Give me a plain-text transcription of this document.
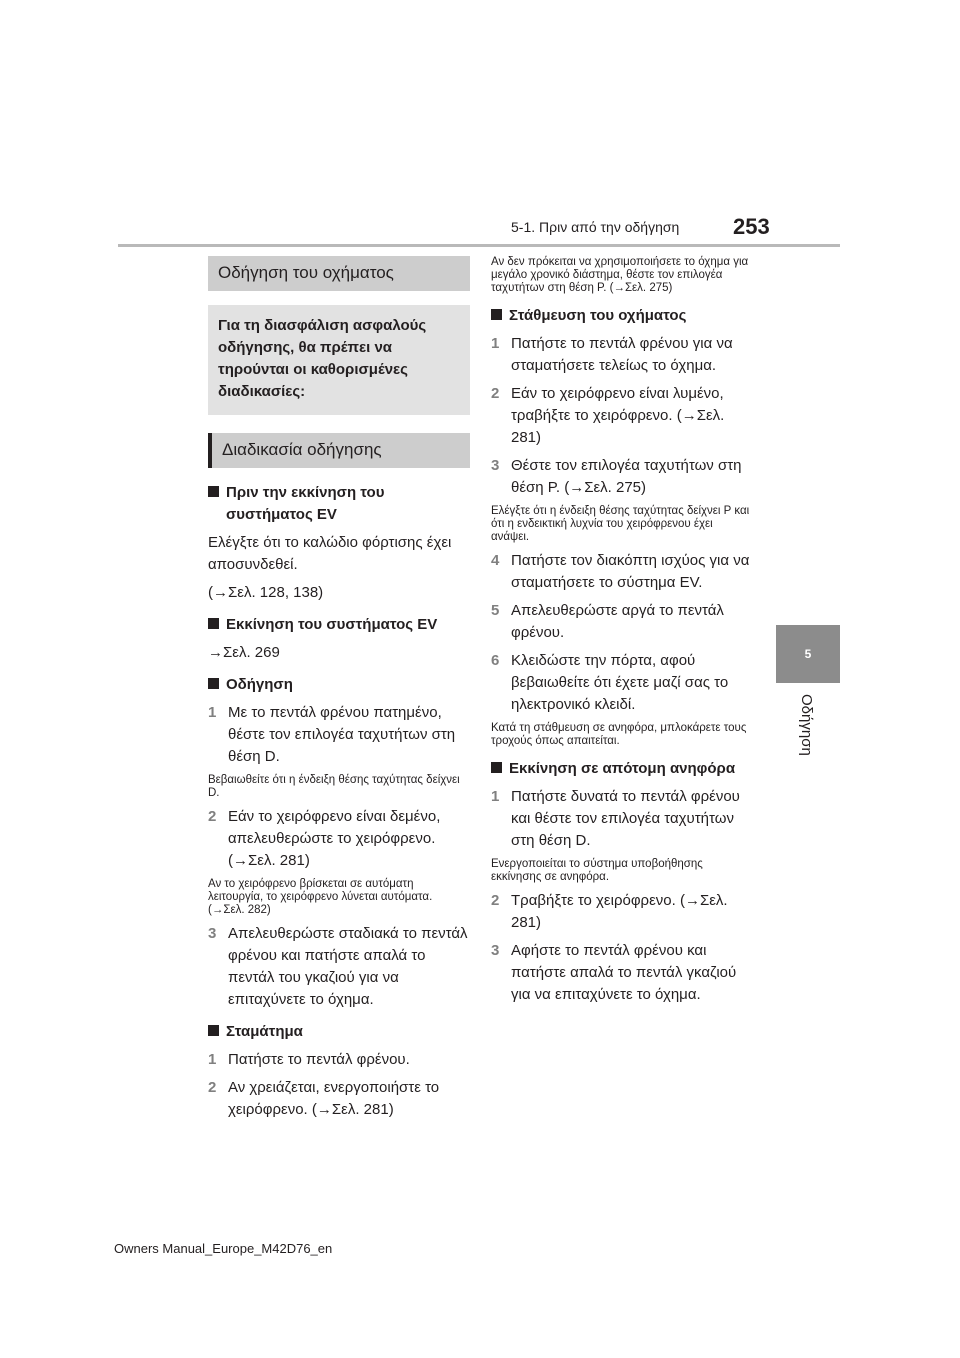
5-1. Πριν από την οδήγηση 253
5
Οδήγηση
Οδήγηση του οχήματος
Για τη διασφάλιση ασφαλούς οδήγησης, θα πρέπει να τηρούνται οι καθορισμένες διαδικασίες:
Διαδικασία οδήγησης
Πριν την εκκίνηση του συστήματος EV
Ελέγξτε ότι το καλώδιο φόρτισης έχει αποσυνδεθεί.
(→Σελ. 128, 138)
Εκκίνηση του συστήματος EV
→Σελ. 269
Οδήγηση
1 Με το πεντάλ φρένου πατημένο, θέστε τον επιλογέα ταχυτήτων στη θέση D.
Βεβαιωθείτε ότι η ένδειξη θέσης ταχύτητας δείχνει D.
2 Εάν το χειρόφρενο είναι δεμένο, απελευθερώστε το χειρόφρενο. (→Σελ. 281)
Αν το χειρόφρενο βρίσκεται σε αυτόματη λειτουργία, το χειρόφρενο λύνεται αυτόματα. (→Σελ. 282)
3 Απελευθερώστε σταδιακά το πεντάλ φρένου και πατήστε απαλά το πεντάλ του γκαζιού για να επιταχύνετε το όχημα.
Σταμάτημα
1 Πατήστε το πεντάλ φρένου.
2 Αν χρειάζεται, ενεργοποιήστε το χειρόφρενο. (→Σελ. 281)
Αν δεν πρόκειται να χρησιμοποιήσετε το όχημα για μεγάλο χρονικό διάστημα, θέστε τον επιλογέα ταχυτήτων στη θέση P. (→Σελ. 275)
Στάθμευση του οχήματος
1 Πατήστε το πεντάλ φρένου για να σταματήσετε τελείως το όχημα.
2 Εάν το χειρόφρενο είναι λυμένο, τραβήξτε το χειρόφρενο. (→Σελ. 281)
3 Θέστε τον επιλογέα ταχυτήτων στη θέση P. (→Σελ. 275)
Ελέγξτε ότι η ένδειξη θέσης ταχύτητας δείχνει P και ότι η ενδεικτική λυχνία του χειρόφρενου έχει ανάψει.
4 Πατήστε τον διακόπτη ισχύος για να σταματήσετε το σύστημα EV.
5 Απελευθερώστε αργά το πεντάλ φρένου.
6 Κλειδώστε την πόρτα, αφού βεβαιωθείτε ότι έχετε μαζί σας το ηλεκτρονικό κλειδί.
Κατά τη στάθμευση σε ανηφόρα, μπλοκάρετε τους τροχούς όπως απαιτείται.
Εκκίνηση σε απότομη ανηφόρα
1 Πατήστε δυνατά το πεντάλ φρένου και θέστε τον επιλογέα ταχυτήτων στη θέση D.
Ενεργοποιείται το σύστημα υποβοήθησης εκκίνησης σε ανηφόρα.
2 Τραβήξτε το χειρόφρενο. (→Σελ. 281)
3 Αφήστε το πεντάλ φρένου και πατήστε απαλά το πεντάλ γκαζιού για να επιταχύνετε το όχημα.
Owners Manual_Europe_M42D76_en
